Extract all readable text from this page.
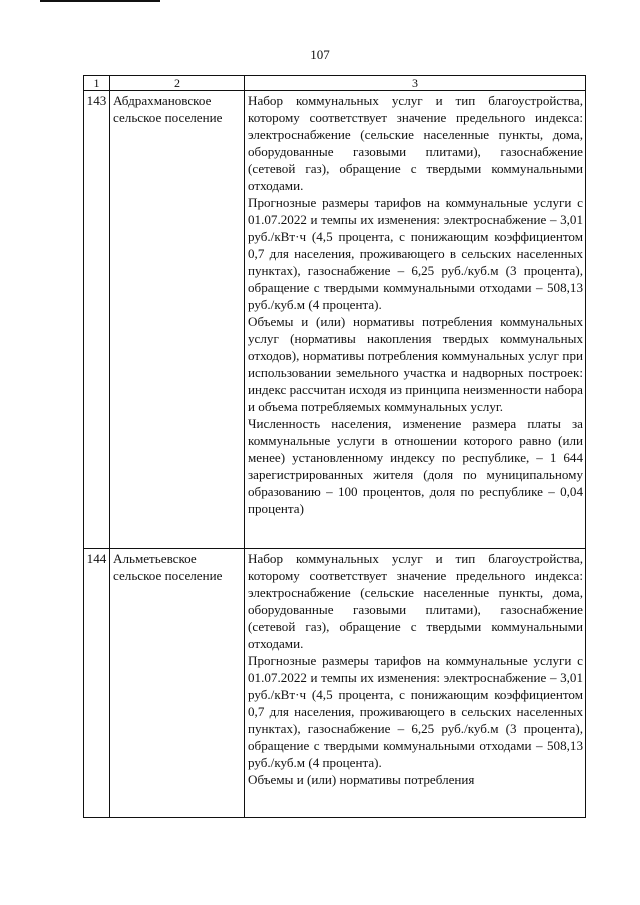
107
1	2	3
143	Абдрахмановское сельское поселение	Набор коммунальных услуг и тип благоустройства, которому соответствует значение предельного индекса: электроснабжение (сельские населенные пункты, дома, оборудованные газовыми плитами), газоснабжение (сетевой газ), обращение с твердыми коммунальными отходами.

Прогнозные размеры тарифов на коммунальные услуги с 01.07.2022 и темпы их изменения: электроснабжение – 3,01 руб./кВт·ч (4,5 процента, с понижающим коэффициентом 0,7 для населения, проживающего в сельских населенных пунктах), газоснабжение – 6,25 руб./куб.м (3 процента), обращение с твердыми коммунальными отходами – 508,13 руб./куб.м (4 процента).

Объемы и (или) нормативы потребления коммунальных услуг (нормативы накопления твердых коммунальных отходов), нормативы потребления коммунальных услуг при использовании земельного участка и надворных построек: индекс рассчитан исходя из принципа неизменности набора и объема потребляемых коммунальных услуг.

Численность населения, изменение размера платы за коммунальные услуги в отношении которого равно (или менее) установленному индексу по республике, – 1 644 зарегистрированных жителя (доля по муниципальному образованию – 100 процентов, доля по республике – 0,04 процента)

144	Альметьевское сельское поселение	Набор коммунальных услуг и тип благоустройства, которому соответствует значение предельного индекса: электроснабжение (сельские населенные пункты, дома, оборудованные газовыми плитами), газоснабжение (сетевой газ), обращение с твердыми коммунальными отходами.

Прогнозные размеры тарифов на коммунальные услуги с 01.07.2022 и темпы их изменения: электроснабжение – 3,01 руб./кВт·ч (4,5 процента, с понижающим коэффициентом 0,7 для населения, проживающего в сельских населенных пунктах), газоснабжение – 6,25 руб./куб.м (3 процента), обращение с твердыми коммунальными отходами – 508,13 руб./куб.м (4 процента).

Объемы и (или) нормативы потребления
